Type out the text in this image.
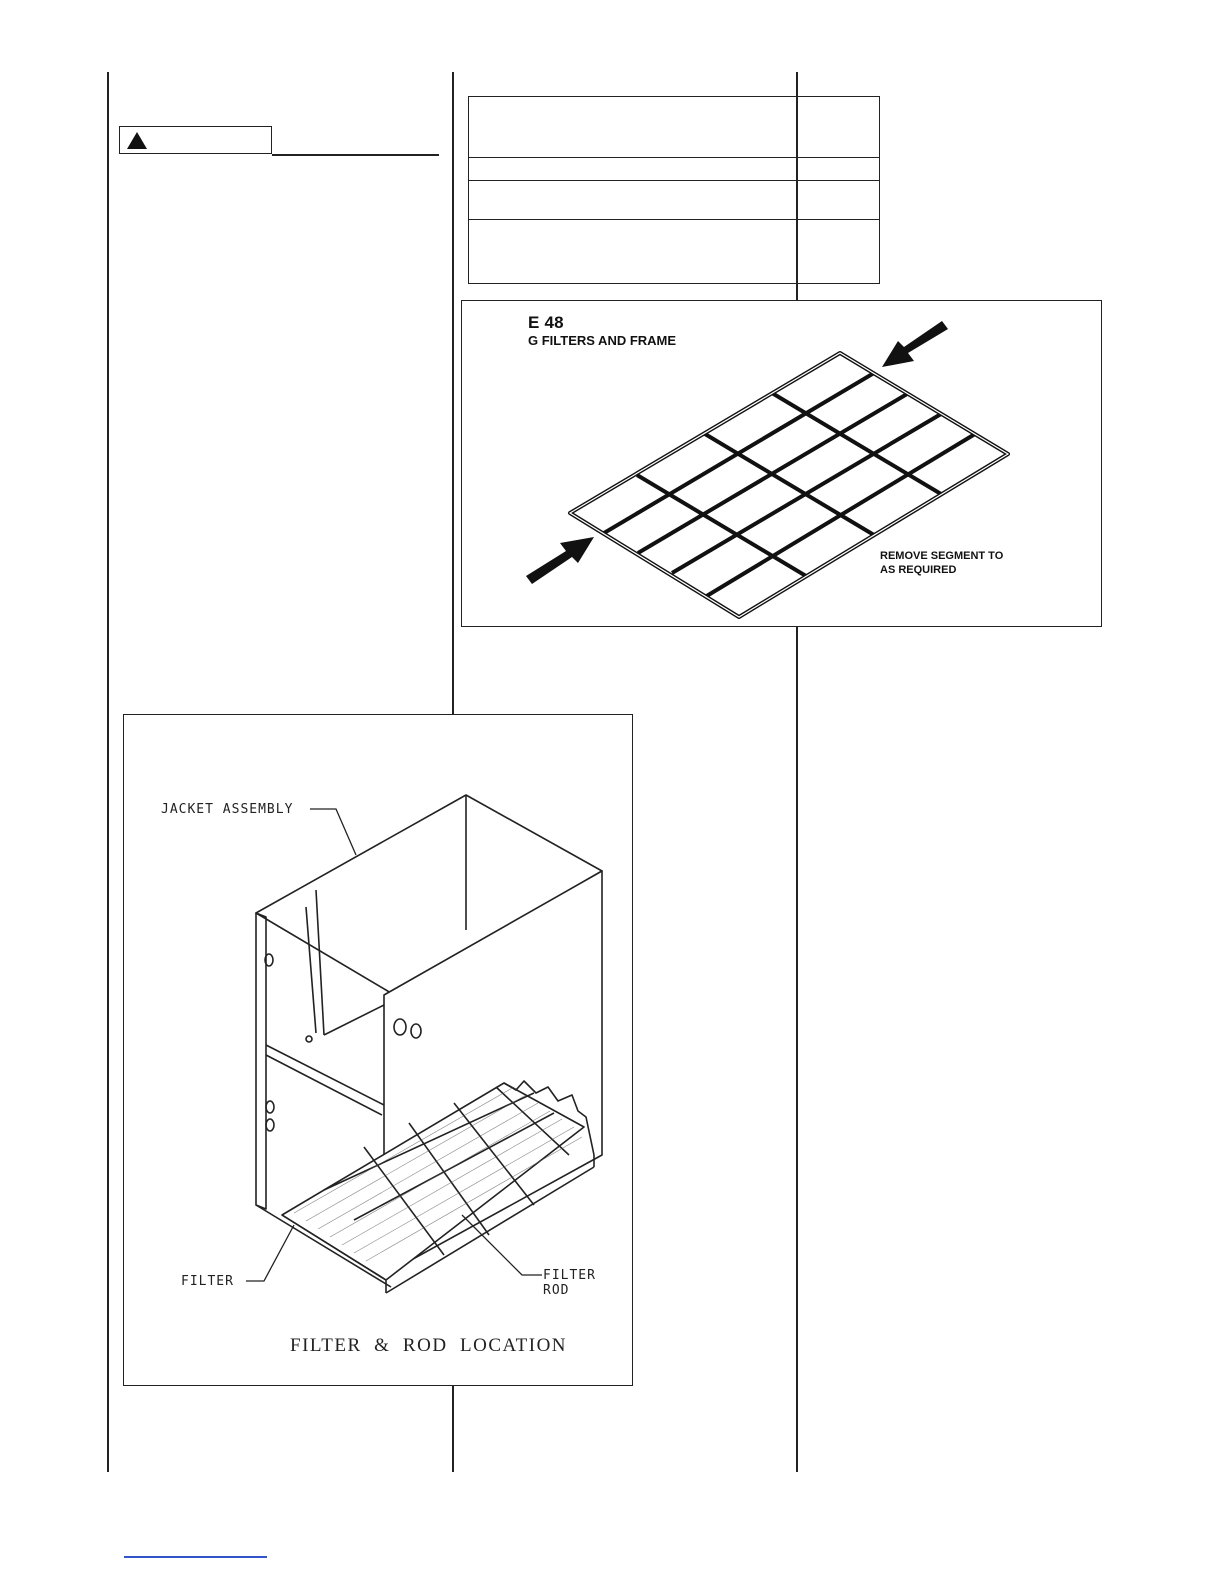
E 48
G FILTERS AND FRAME
REMOVE SEGMENT TO
AS REQUIRED
JACKET ASSEMBLY
FILTER	FILTER
ROD
FILTER  &  ROD  LOCATION
